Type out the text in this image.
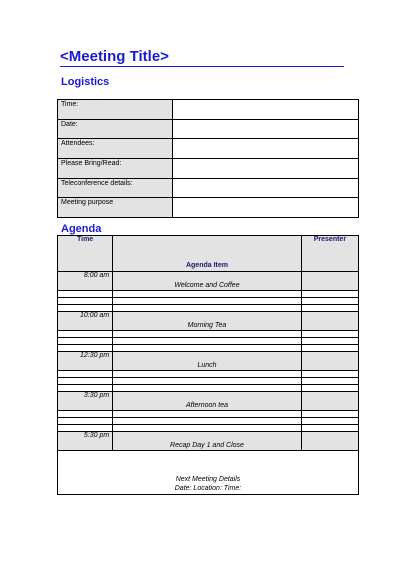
<Meeting Title>
Logistics
Time:	
Date:	
Attendees:	
Please Bring/Read:	
Teleconference details:	
Meeting purpose	
Agenda
Time	Agenda Item	Presenter
8:00 am	Welcome and Coffee	

10:00 am	Morning Tea	

12:30 pm	Lunch	

3:30 pm	Afternoon tea	

5:30 pm	Recap Day 1 and Close	

Next Meeting Details
Date: Location: Time:		
